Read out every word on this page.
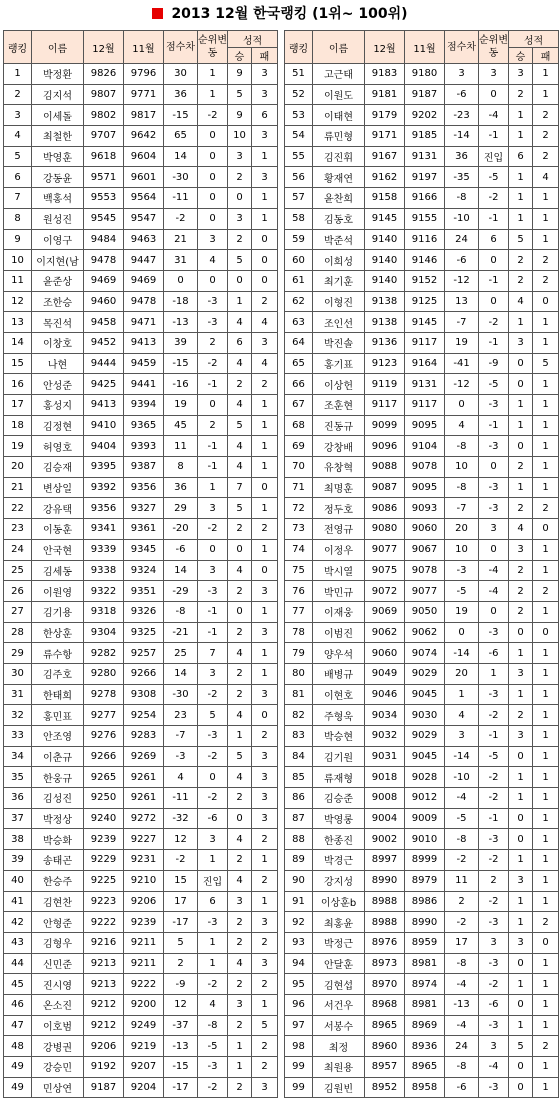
2013 12월 한국랭킹 (1위~ 100위)
랭킹	이름	12월	11월	점수차	순위변동	성적	
						승	패
1	박정환	9826	9796	30	1	9	3
2	김지석	9807	9771	36	1	5	3
3	이세돌	9802	9817	-15	-2	9	6
4	최철한	9707	9642	65	0	10	3
5	박영훈	9618	9604	14	0	3	1
6	강동윤	9571	9601	-30	0	2	3
7	백홍석	9553	9564	-11	0	0	1
8	원성진	9545	9547	-2	0	3	1
9	이영구	9484	9463	21	3	2	0
10	이지현(남	9478	9447	31	4	5	0
11	윤준상	9469	9469	0	0	0	0
12	조한승	9460	9478	-18	-3	1	2
13	목진석	9458	9471	-13	-3	4	4
14	이창호	9452	9413	39	2	6	3
15	나현	9444	9459	-15	-2	4	4
16	안성준	9425	9441	-16	-1	2	2
17	홍성지	9413	9394	19	0	4	1
18	김정현	9410	9365	45	2	5	1
19	허영호	9404	9393	11	-1	4	1
20	김승재	9395	9387	8	-1	4	1
21	변상일	9392	9356	36	1	7	0
22	강유택	9356	9327	29	3	5	1
23	이동훈	9341	9361	-20	-2	2	2
24	안국현	9339	9345	-6	0	0	1
25	김세동	9338	9324	14	3	4	0
26	이원영	9322	9351	-29	-3	2	3
27	김기용	9318	9326	-8	-1	0	1
28	한상훈	9304	9325	-21	-1	2	3
29	류수항	9282	9257	25	7	4	1
30	김주호	9280	9266	14	3	2	1
31	한태희	9278	9308	-30	-2	2	3
32	홍민표	9277	9254	23	5	4	0
33	안조영	9276	9283	-7	-3	1	2
34	이춘규	9266	9269	-3	-2	5	3
35	한웅규	9265	9261	4	0	4	3
36	김성진	9250	9261	-11	-2	2	3
37	박정상	9240	9272	-32	-6	0	3
38	박승화	9239	9227	12	3	4	2
39	송태곤	9229	9231	-2	1	2	1
40	한승주	9225	9210	15	진입	4	2
41	김현찬	9223	9206	17	6	3	1
42	안형준	9222	9239	-17	-3	2	3
43	김형우	9216	9211	5	1	2	2
44	신민준	9213	9211	2	1	4	3
45	진시영	9213	9222	-9	-2	2	2
46	온소진	9212	9200	12	4	3	1
47	이호범	9212	9249	-37	-8	2	5
48	강병권	9206	9219	-13	-5	1	2
49	강승민	9192	9207	-15	-3	1	2
49	민상연	9187	9204	-17	-2	2	3
랭킹	이름	12월	11월	점수차	순위변동	성적	
						승	패
51	고근태	9183	9180	3	3	3	1
52	이원도	9181	9187	-6	0	2	1
53	이태현	9179	9202	-23	-4	1	2
54	류민형	9171	9185	-14	-1	1	2
55	김진휘	9167	9131	36	진입	6	2
56	황재연	9162	9197	-35	-5	1	4
57	윤찬희	9158	9166	-8	-2	1	1
58	김동호	9145	9155	-10	-1	1	1
59	박준석	9140	9116	24	6	5	1
60	이희성	9140	9146	-6	0	2	2
61	최기훈	9140	9152	-12	-1	2	2
62	이형진	9138	9125	13	0	4	0
63	조인선	9138	9145	-7	-2	1	1
64	박진솔	9136	9117	19	-1	3	1
65	홍기표	9123	9164	-41	-9	0	5
66	이상헌	9119	9131	-12	-5	0	1
67	조훈현	9117	9117	0	-3	1	1
68	진동규	9099	9095	4	-1	1	1
69	강창배	9096	9104	-8	-3	0	1
70	유창혁	9088	9078	10	0	2	1
71	최명훈	9087	9095	-8	-3	1	1
72	정두호	9086	9093	-7	-3	2	2
73	전영규	9080	9060	20	3	4	0
74	이정우	9077	9067	10	0	3	1
75	박시열	9075	9078	-3	-4	2	1
76	박민규	9072	9077	-5	-4	2	2
77	이재웅	9069	9050	19	0	2	1
78	이범진	9062	9062	0	-3	0	0
79	양우석	9060	9074	-14	-6	1	1
80	배병규	9049	9029	20	1	3	1
81	이현호	9046	9045	1	-3	1	1
82	주형욱	9034	9030	4	-2	2	1
83	박승현	9032	9029	3	-1	3	1
84	김기원	9031	9045	-14	-5	0	1
85	류재형	9018	9028	-10	-2	1	1
86	김승준	9008	9012	-4	-2	1	1
87	박영롱	9004	9009	-5	-1	0	1
88	한종진	9002	9010	-8	-3	0	1
89	박경근	8997	8999	-2	-2	1	1
90	강지성	8990	8979	11	2	3	1
91	이상훈b	8988	8986	2	-2	1	1
92	최홍윤	8988	8990	-2	-3	1	2
93	박정근	8976	8959	17	3	3	0
94	안달훈	8973	8981	-8	-3	0	1
95	김현섭	8970	8974	-4	-2	1	1
96	서건우	8968	8981	-13	-6	0	1
97	서봉수	8965	8969	-4	-3	1	1
98	최정	8960	8936	24	3	5	2
99	최원용	8957	8965	-8	-4	0	1
99	김원빈	8952	8958	-6	-3	0	1
